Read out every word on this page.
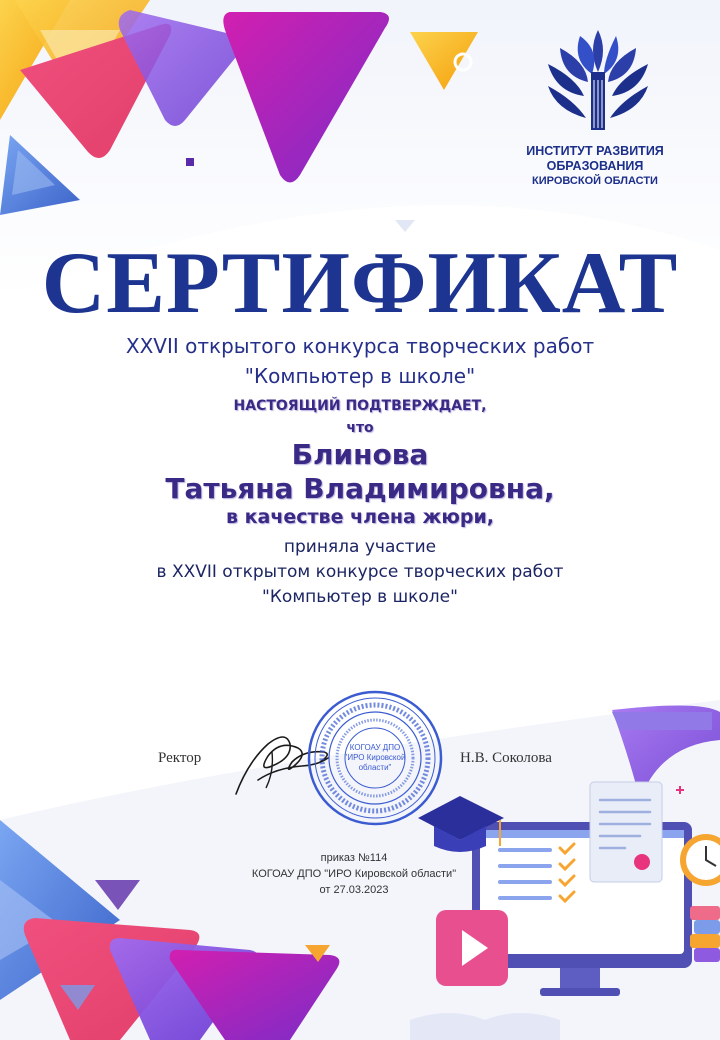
ИНСТИТУТ РАЗВИТИЯ
ОБРАЗОВАНИЯ
КИРОВСКОЙ ОБЛАСТИ
СЕРТИФИКАТ
XXVII открытого конкурса творческих работ
"Компьютер в школе"
НАСТОЯЩИЙ ПОДТВЕРЖДАЕТ,
что
Блинова
Татьяна Владимировна,
в качестве члена жюри,
приняла участие
в XXVII открытом конкурсе творческих работ
"Компьютер в школе"
Ректор	Н.В. Соколова
КОГОАУ ДПО
"ИРО Кировской
области"
приказ №114
КОГОАУ ДПО "ИРО Кировской области"
от 27.03.2023
